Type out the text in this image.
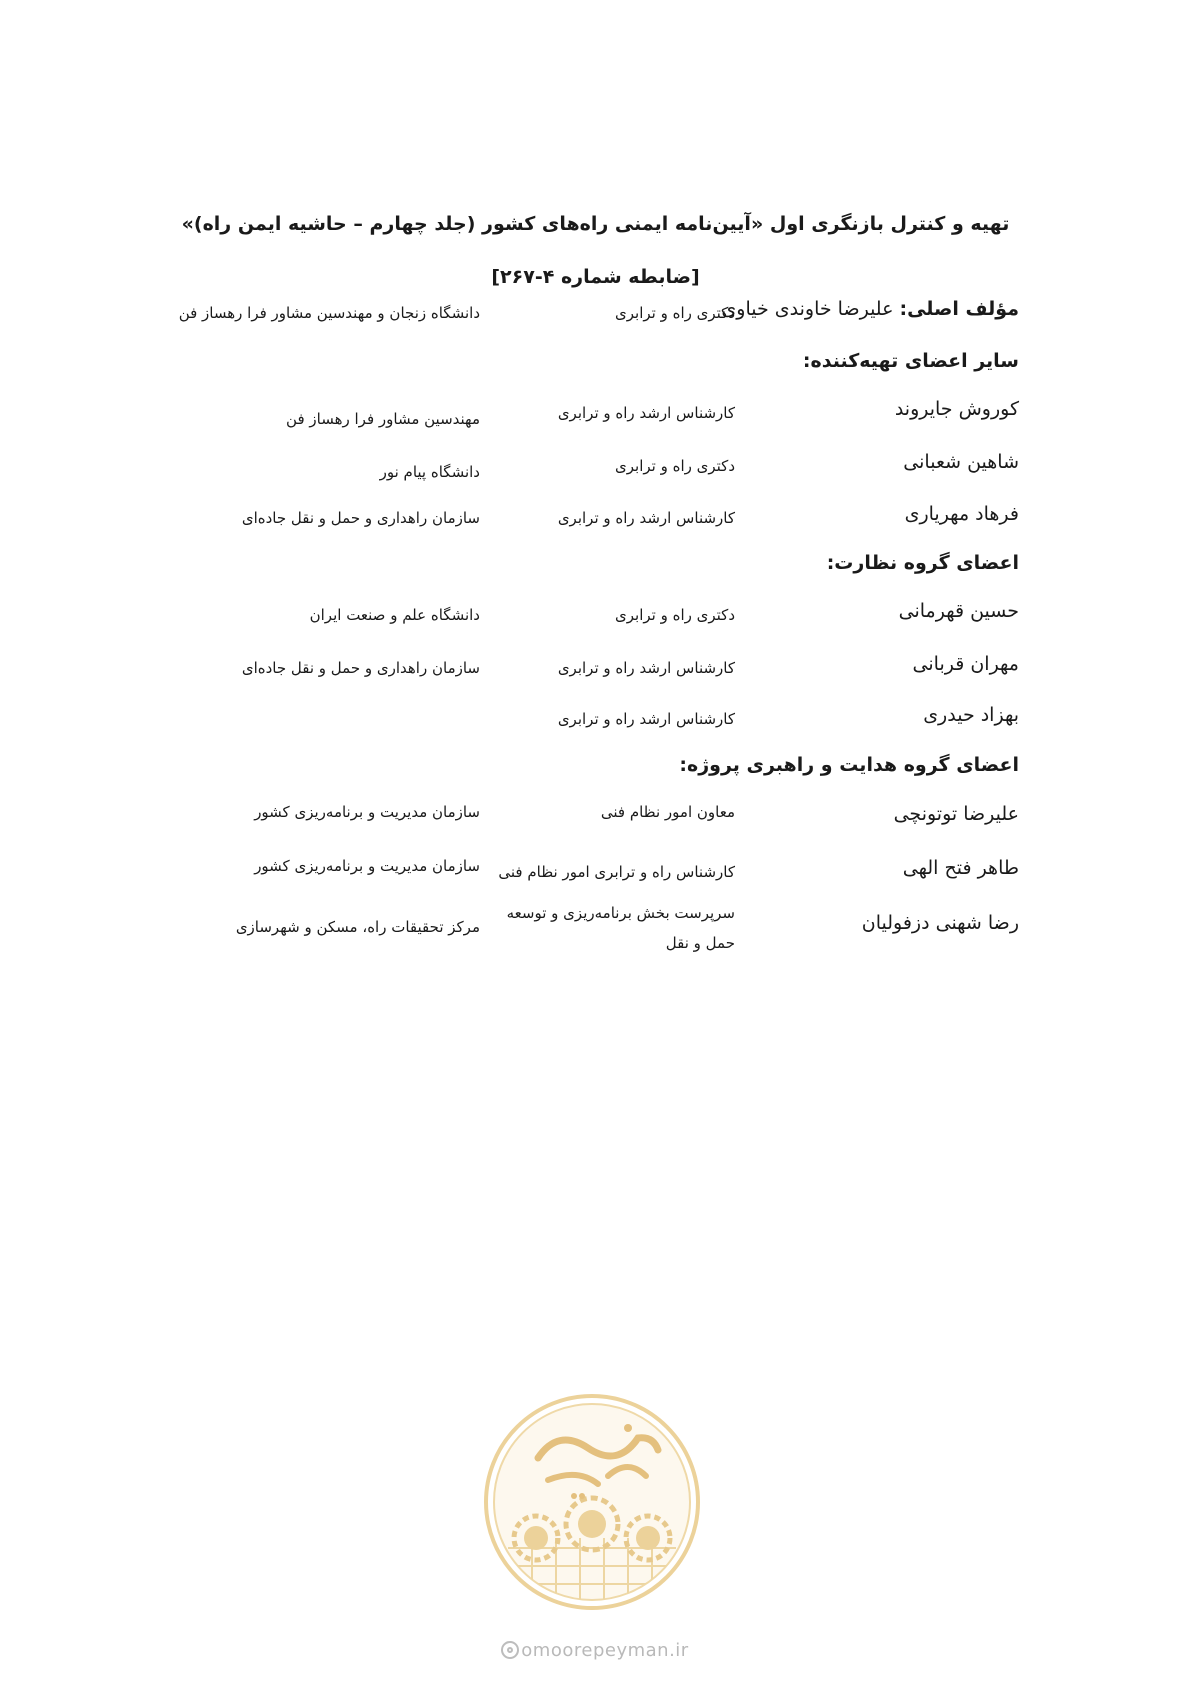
تهیه و کنترل بازنگری اول «آیین‌نامه ایمنی راه‌های کشور (جلد چهارم – حاشیه ایمن راه)»
[ضابطه شماره ۴-۲۶۷]
مؤلف اصلی: علیرضا خاوندی خیاوی
دکتری راه و ترابری
دانشگاه زنجان و مهندسین مشاور فرا رهساز فن
سایر اعضای تهیه‌کننده:
کوروش جایروند
کارشناس ارشد راه و ترابری
مهندسین مشاور فرا رهساز فن
شاهین شعبانی
دکتری راه و ترابری
دانشگاه پیام نور
فرهاد مهریاری
کارشناس ارشد راه و ترابری
سازمان راهداری و حمل و نقل جاده‌ای
اعضای گروه نظارت:
حسین قهرمانی
دکتری راه و ترابری
دانشگاه علم و صنعت ایران
مهران قربانی
کارشناس ارشد راه و ترابری
سازمان راهداری و حمل و نقل جاده‌ای
بهزاد حیدری
کارشناس ارشد راه و ترابری
اعضای گروه هدایت و راهبری پروژه:
علیرضا توتونچی
معاون امور نظام فنی
سازمان مدیریت و برنامه‌ریزی کشور
طاهر فتح الهی
کارشناس راه و ترابری امور نظام فنی
سازمان مدیریت و برنامه‌ریزی کشور
رضا شهنی دزفولیان
سرپرست بخش برنامه‌ریزی و توسعه حمل و نقل
مرکز تحقیقات راه، مسکن و شهرسازی
omoorepeyman.ir
